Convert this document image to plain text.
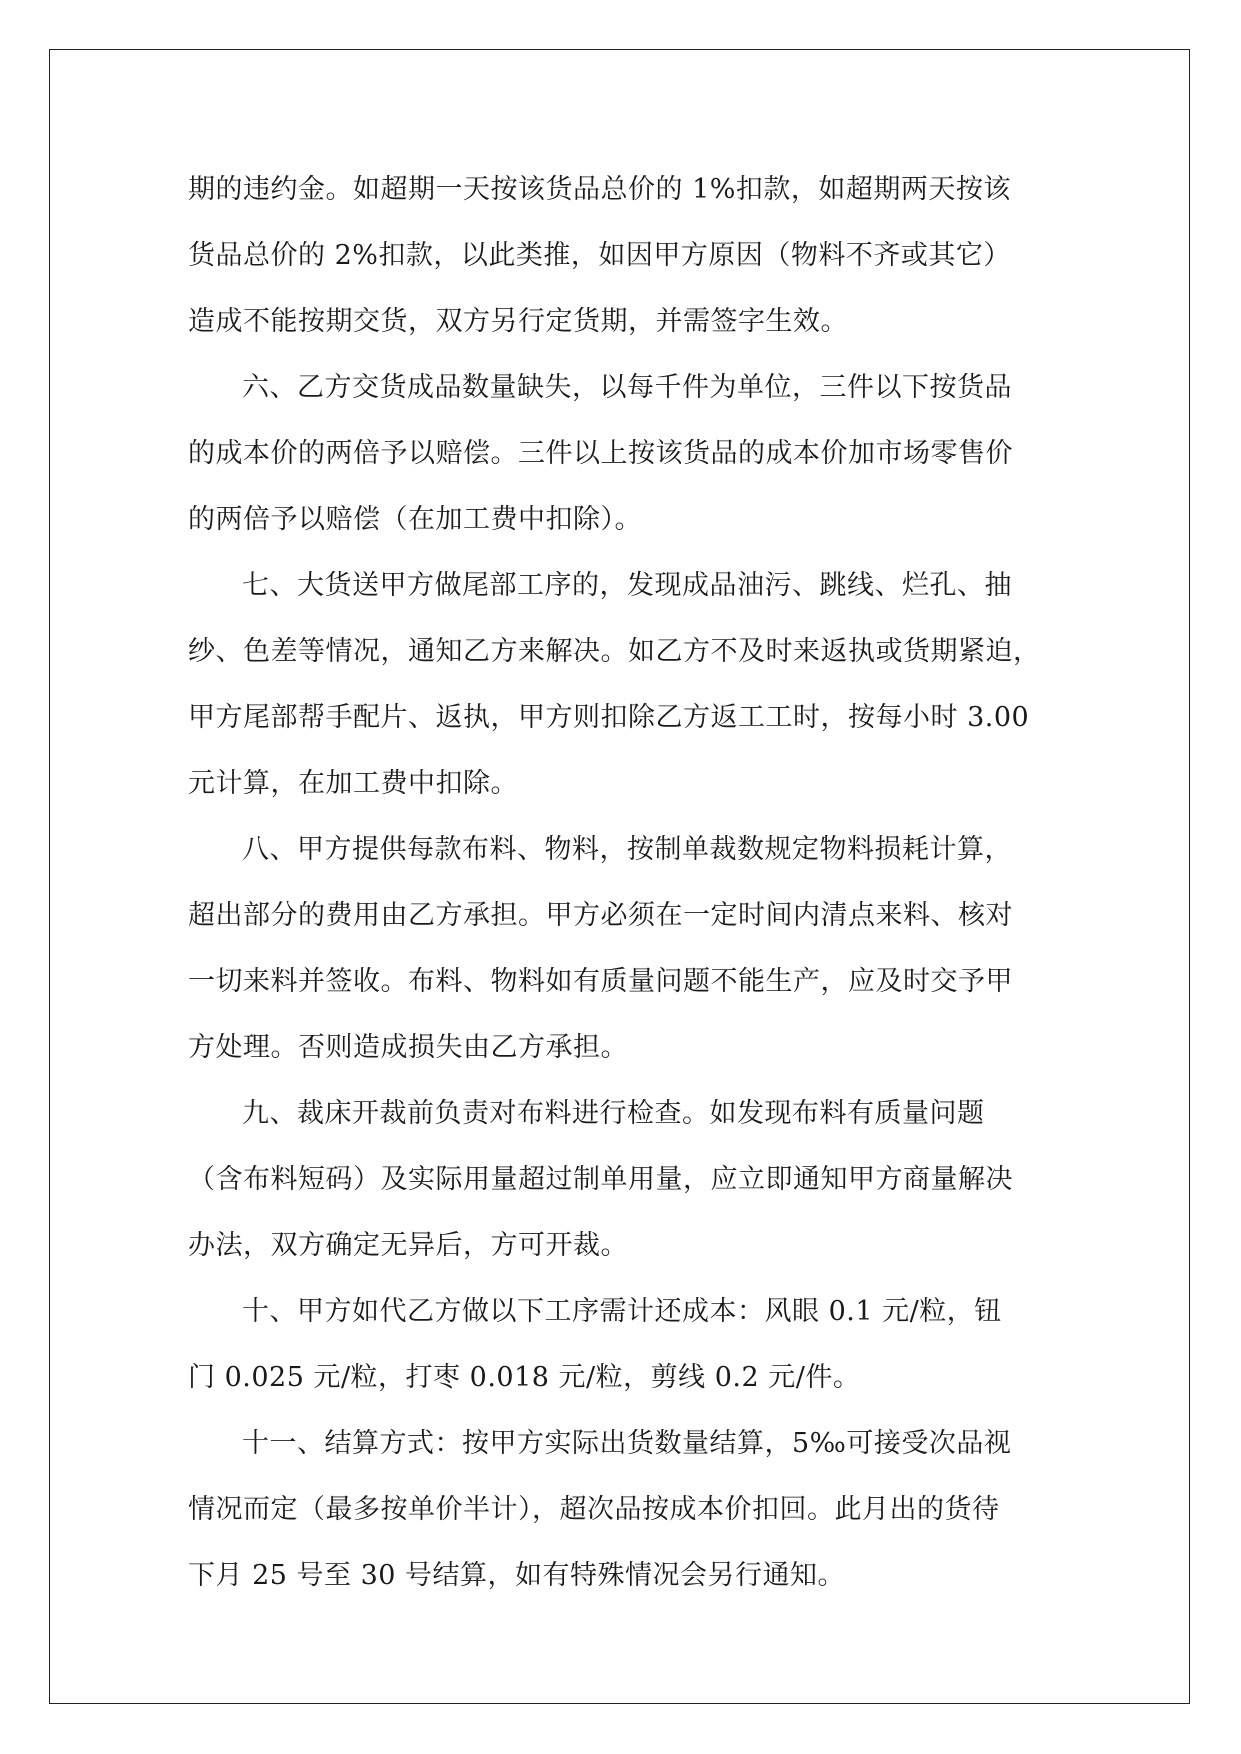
期的违约金。如超期一天按该货品总价的 1%扣款，如超期两天按该
货品总价的 2%扣款，以此类推，如因甲方原因（物料不齐或其它）
造成不能按期交货，双方另行定货期，并需签字生效。
六、乙方交货成品数量缺失，以每千件为单位，三件以下按货品
的成本价的两倍予以赔偿。三件以上按该货品的成本价加市场零售价
的两倍予以赔偿（在加工费中扣除）。
七、大货送甲方做尾部工序的，发现成品油污、跳线、烂孔、抽
纱、色差等情况，通知乙方来解决。如乙方不及时来返执或货期紧迫，
甲方尾部帮手配片、返执，甲方则扣除乙方返工工时，按每小时 3.00
元计算，在加工费中扣除。
八、甲方提供每款布料、物料，按制单裁数规定物料损耗计算，
超出部分的费用由乙方承担。甲方必须在一定时间内清点来料、核对
一切来料并签收。布料、物料如有质量问题不能生产，应及时交予甲
方处理。否则造成损失由乙方承担。
九、裁床开裁前负责对布料进行检查。如发现布料有质量问题
（含布料短码）及实际用量超过制单用量，应立即通知甲方商量解决
办法，双方确定无异后，方可开裁。
十、甲方如代乙方做以下工序需计还成本：风眼 0.1 元/粒，钮
门 0.025 元/粒，打枣 0.018 元/粒，剪线 0.2 元/件。
十一、结算方式：按甲方实际出货数量结算，5‰可接受次品视
情况而定（最多按单价半计），超次品按成本价扣回。此月出的货待
下月 25 号至 30 号结算，如有特殊情况会另行通知。
